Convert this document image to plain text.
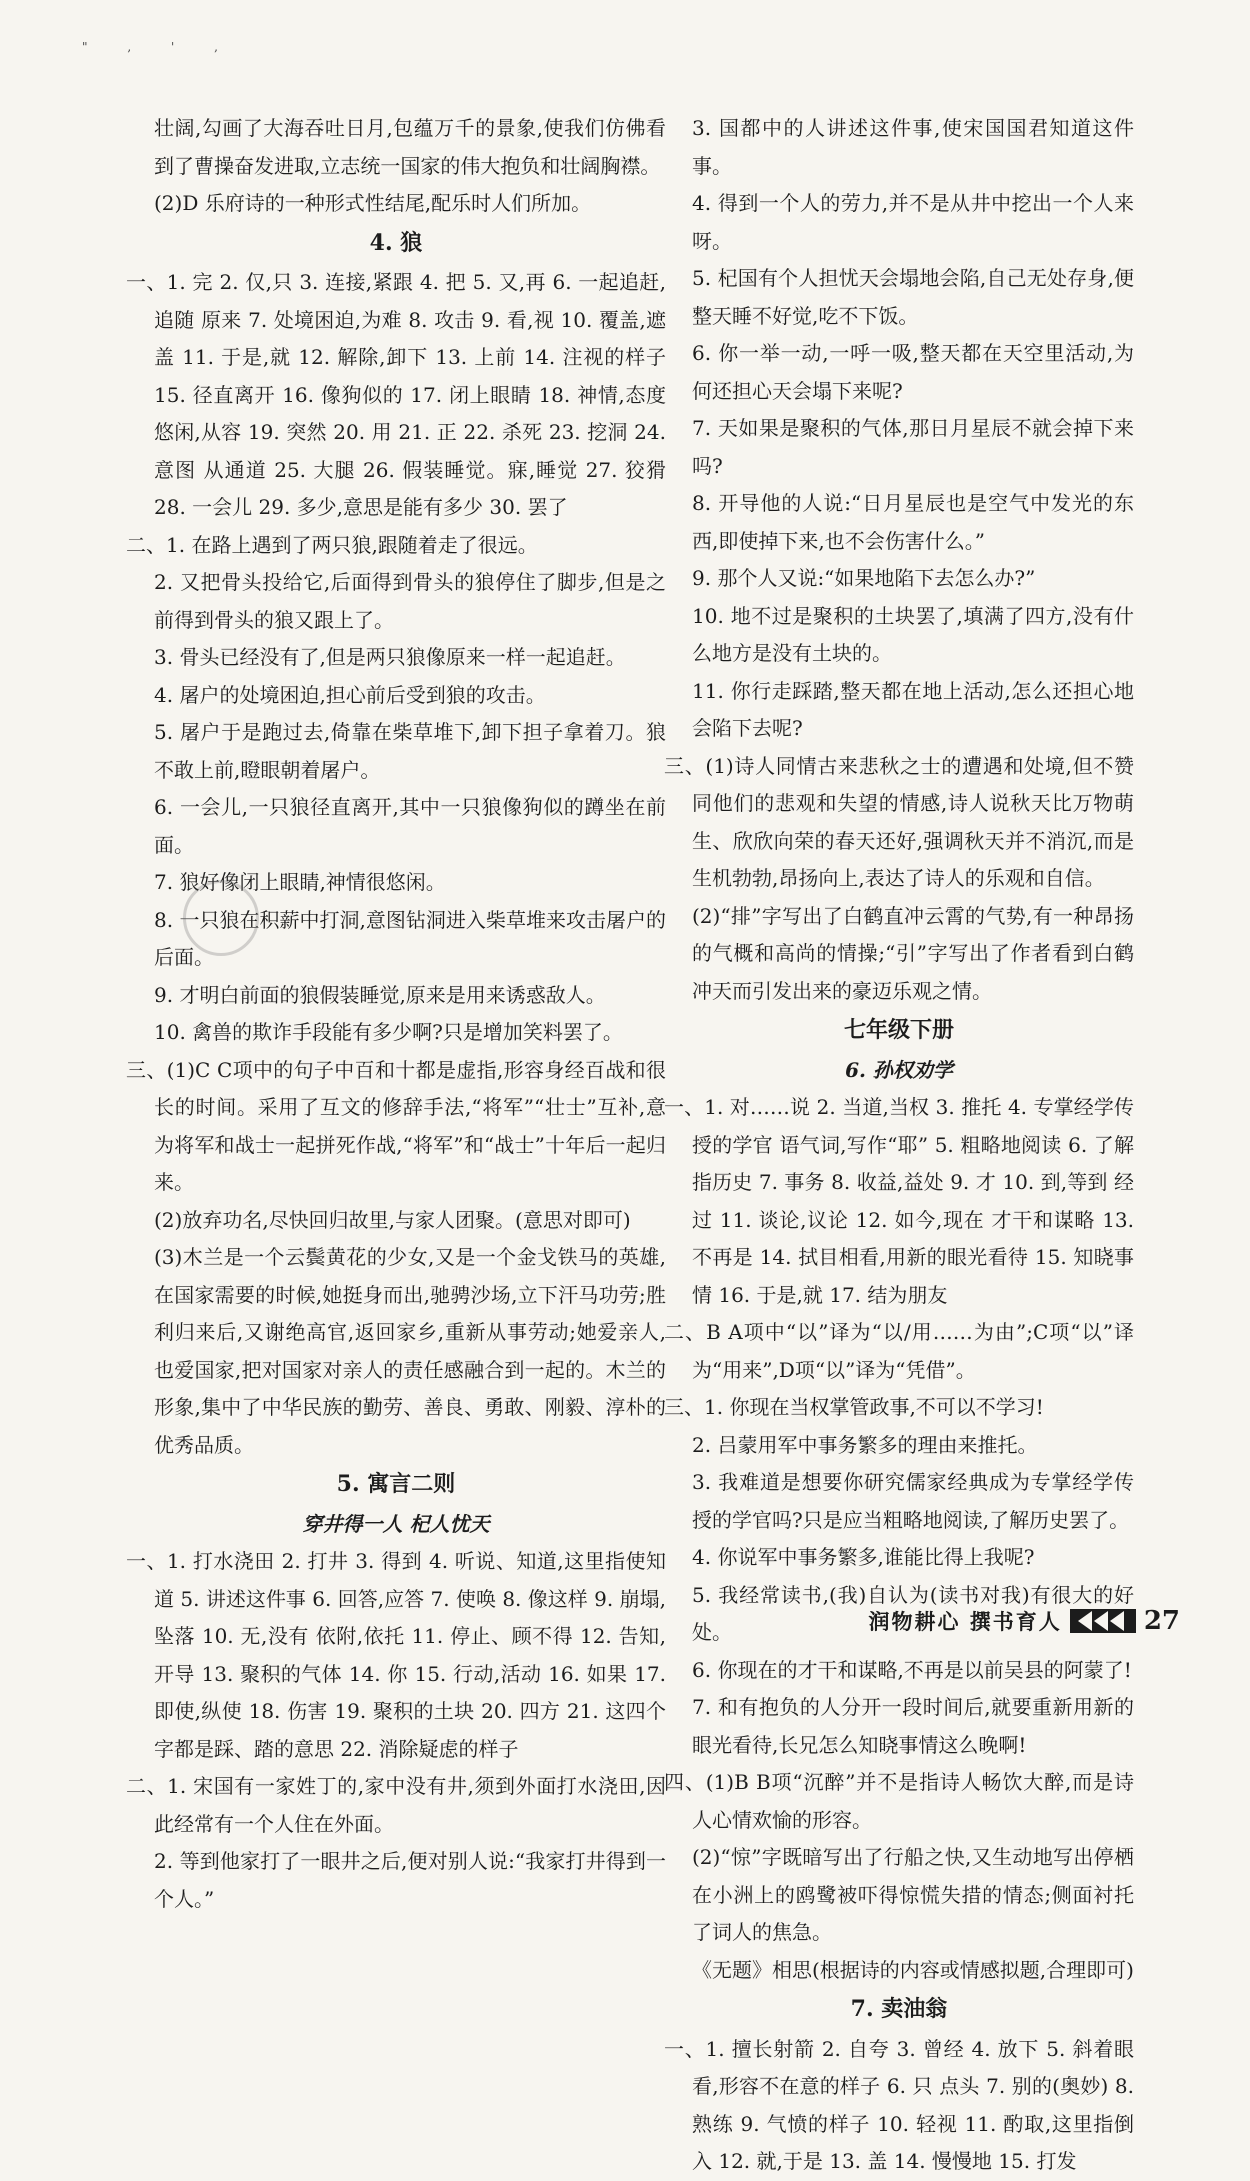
" , ' ,
壮阔,勾画了大海吞吐日月,包蕴万千的景象,使我们仿佛看到了曹操奋发进取,立志统一国家的伟大抱负和壮阔胸襟。
(2)D 乐府诗的一种形式性结尾,配乐时人们所加。
4. 狼
一、1. 完 2. 仅,只 3. 连接,紧跟 4. 把 5. 又,再 6. 一起追赶,追随 原来 7. 处境困迫,为难 8. 攻击 9. 看,视 10. 覆盖,遮盖 11. 于是,就 12. 解除,卸下 13. 上前 14. 注视的样子 15. 径直离开 16. 像狗似的 17. 闭上眼睛 18. 神情,态度 悠闲,从容 19. 突然 20. 用 21. 正 22. 杀死 23. 挖洞 24. 意图 从通道 25. 大腿 26. 假装睡觉。寐,睡觉 27. 狡猾 28. 一会儿 29. 多少,意思是能有多少 30. 罢了
二、1. 在路上遇到了两只狼,跟随着走了很远。
2. 又把骨头投给它,后面得到骨头的狼停住了脚步,但是之前得到骨头的狼又跟上了。
3. 骨头已经没有了,但是两只狼像原来一样一起追赶。
4. 屠户的处境困迫,担心前后受到狼的攻击。
5. 屠户于是跑过去,倚靠在柴草堆下,卸下担子拿着刀。狼不敢上前,瞪眼朝着屠户。
6. 一会儿,一只狼径直离开,其中一只狼像狗似的蹲坐在前面。
7. 狼好像闭上眼睛,神情很悠闲。
8. 一只狼在积薪中打洞,意图钻洞进入柴草堆来攻击屠户的后面。
9. 才明白前面的狼假装睡觉,原来是用来诱惑敌人。
10. 禽兽的欺诈手段能有多少啊?只是增加笑料罢了。
三、(1)C C项中的句子中百和十都是虚指,形容身经百战和很长的时间。采用了互文的修辞手法,“将军”“壮士”互补,意为将军和战士一起拼死作战,“将军”和“战士”十年后一起归来。
(2)放弃功名,尽快回归故里,与家人团聚。(意思对即可)
(3)木兰是一个云鬓黄花的少女,又是一个金戈铁马的英雄,在国家需要的时候,她挺身而出,驰骋沙场,立下汗马功劳;胜利归来后,又谢绝高官,返回家乡,重新从事劳动;她爱亲人,也爱国家,把对国家对亲人的责任感融合到一起的。木兰的形象,集中了中华民族的勤劳、善良、勇敢、刚毅、淳朴的优秀品质。
5. 寓言二则
穿井得一人 杞人忧天
一、1. 打水浇田 2. 打井 3. 得到 4. 听说、知道,这里指使知道 5. 讲述这件事 6. 回答,应答 7. 使唤 8. 像这样 9. 崩塌,坠落 10. 无,没有 依附,依托 11. 停止、顾不得 12. 告知,开导 13. 聚积的气体 14. 你 15. 行动,活动 16. 如果 17. 即使,纵使 18. 伤害 19. 聚积的土块 20. 四方 21. 这四个字都是踩、踏的意思 22. 消除疑虑的样子
二、1. 宋国有一家姓丁的,家中没有井,须到外面打水浇田,因此经常有一个人住在外面。
2. 等到他家打了一眼井之后,便对别人说:“我家打井得到一个人。”
3. 国都中的人讲述这件事,使宋国国君知道这件事。
4. 得到一个人的劳力,并不是从井中挖出一个人来呀。
5. 杞国有个人担忧天会塌地会陷,自己无处存身,便整天睡不好觉,吃不下饭。
6. 你一举一动,一呼一吸,整天都在天空里活动,为何还担心天会塌下来呢?
7. 天如果是聚积的气体,那日月星辰不就会掉下来吗?
8. 开导他的人说:“日月星辰也是空气中发光的东西,即使掉下来,也不会伤害什么。”
9. 那个人又说:“如果地陷下去怎么办?”
10. 地不过是聚积的土块罢了,填满了四方,没有什么地方是没有土块的。
11. 你行走踩踏,整天都在地上活动,怎么还担心地会陷下去呢?
三、(1)诗人同情古来悲秋之士的遭遇和处境,但不赞同他们的悲观和失望的情感,诗人说秋天比万物萌生、欣欣向荣的春天还好,强调秋天并不消沉,而是生机勃勃,昂扬向上,表达了诗人的乐观和自信。
(2)“排”字写出了白鹤直冲云霄的气势,有一种昂扬的气概和高尚的情操;“引”字写出了作者看到白鹤冲天而引发出来的豪迈乐观之情。
七年级下册
6. 孙权劝学
一、1. 对……说 2. 当道,当权 3. 推托 4. 专掌经学传授的学官 语气词,写作“耶” 5. 粗略地阅读 6. 了解 指历史 7. 事务 8. 收益,益处 9. 才 10. 到,等到 经过 11. 谈论,议论 12. 如今,现在 才干和谋略 13. 不再是 14. 拭目相看,用新的眼光看待 15. 知晓事情 16. 于是,就 17. 结为朋友
二、B A项中“以”译为“以/用……为由”;C项“以”译为“用来”,D项“以”译为“凭借”。
三、1. 你现在当权掌管政事,不可以不学习!
2. 吕蒙用军中事务繁多的理由来推托。
3. 我难道是想要你研究儒家经典成为专掌经学传授的学官吗?只是应当粗略地阅读,了解历史罢了。
4. 你说军中事务繁多,谁能比得上我呢?
5. 我经常读书,(我)自认为(读书对我)有很大的好处。
6. 你现在的才干和谋略,不再是以前吴县的阿蒙了!
7. 和有抱负的人分开一段时间后,就要重新用新的眼光看待,长兄怎么知晓事情这么晚啊!
四、(1)B B项“沉醉”并不是指诗人畅饮大醉,而是诗人心情欢愉的形容。
(2)“惊”字既暗写出了行船之快,又生动地写出停栖在小洲上的鸥鹭被吓得惊慌失措的情态;侧面衬托了词人的焦急。
《无题》相思(根据诗的内容或情感拟题,合理即可)
7. 卖油翁
一、1. 擅长射箭 2. 自夸 3. 曾经 4. 放下 5. 斜着眼看,形容不在意的样子 6. 只 点头 7. 别的(奥妙) 8. 熟练 9. 气愤的样子 10. 轻视 11. 酌取,这里指倒入 12. 就,于是 13. 盖 14. 慢慢地 15. 打发
润物耕心 撰书育人	27
